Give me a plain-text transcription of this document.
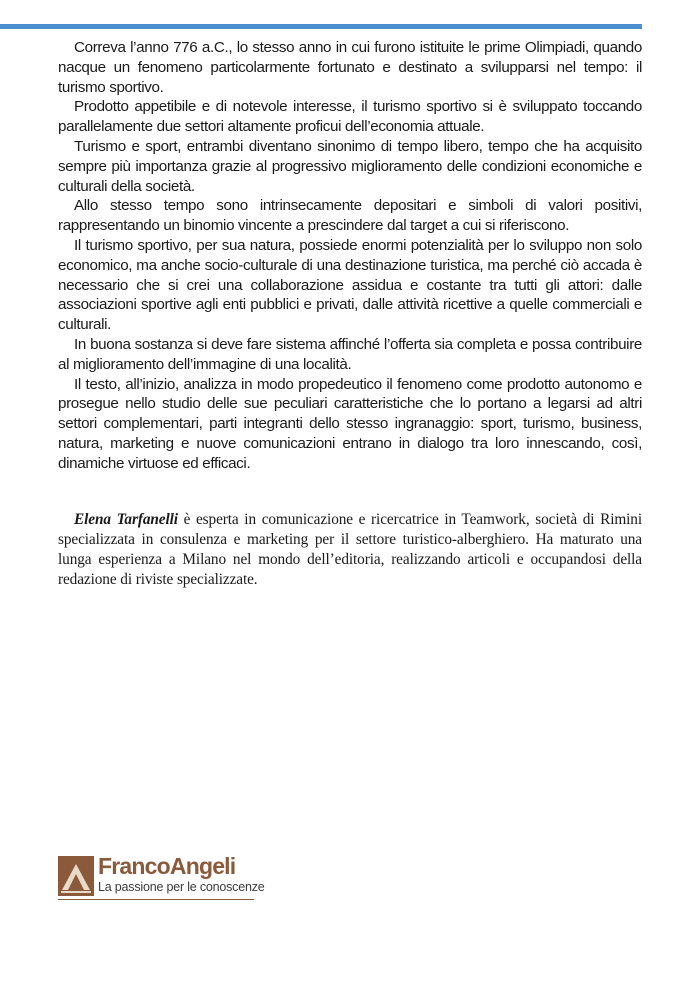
Correva l’anno 776 a.C., lo stesso anno in cui furono istituite le prime Olimpiadi, quando nacque un fenomeno particolarmente fortunato e destinato a svilupparsi nel tempo: il turismo sportivo.

Prodotto appetibile e di notevole interesse, il turismo sportivo si è sviluppato toccando parallelamente due settori altamente proficui dell’economia attuale.

Turismo e sport, entrambi diventano sinonimo di tempo libero, tempo che ha acquisito sempre più importanza grazie al progressivo miglioramento delle condizioni economiche e culturali della società.

Allo stesso tempo sono intrinsecamente depositari e simboli di valori positivi, rappresentando un binomio vincente a prescindere dal target a cui si riferiscono.

Il turismo sportivo, per sua natura, possiede enormi potenzialità per lo sviluppo non solo economico, ma anche socio-culturale di una destinazione turistica, ma perché ciò accada è necessario che si crei una collaborazione assidua e costante tra tutti gli attori: dalle associazioni sportive agli enti pubblici e privati, dalle attività ricettive a quelle commerciali e culturali.

In buona sostanza si deve fare sistema affinché l’offerta sia completa e possa contribuire al miglioramento dell’immagine di una località.

Il testo, all’inizio, analizza in modo propedeutico il fenomeno come prodotto autonomo e prosegue nello studio delle sue peculiari caratteristiche che lo portano a legarsi ad altri settori complementari, parti integranti dello stesso ingranaggio: sport, turismo, business, natura, marketing e nuove comunicazioni entrano in dialogo tra loro innescando, così, dinamiche virtuose ed efficaci.

Elena Tarfanelli è esperta in comunicazione e ricercatrice in Teamwork, società di Rimini specializzata in consulenza e marketing per il settore turistico-alberghiero. Ha maturato una lunga esperienza a Milano nel mondo dell’editoria, realizzando articoli e occupandosi della redazione di riviste specializzate.

FrancoAngeli
La passione per le conoscenze
